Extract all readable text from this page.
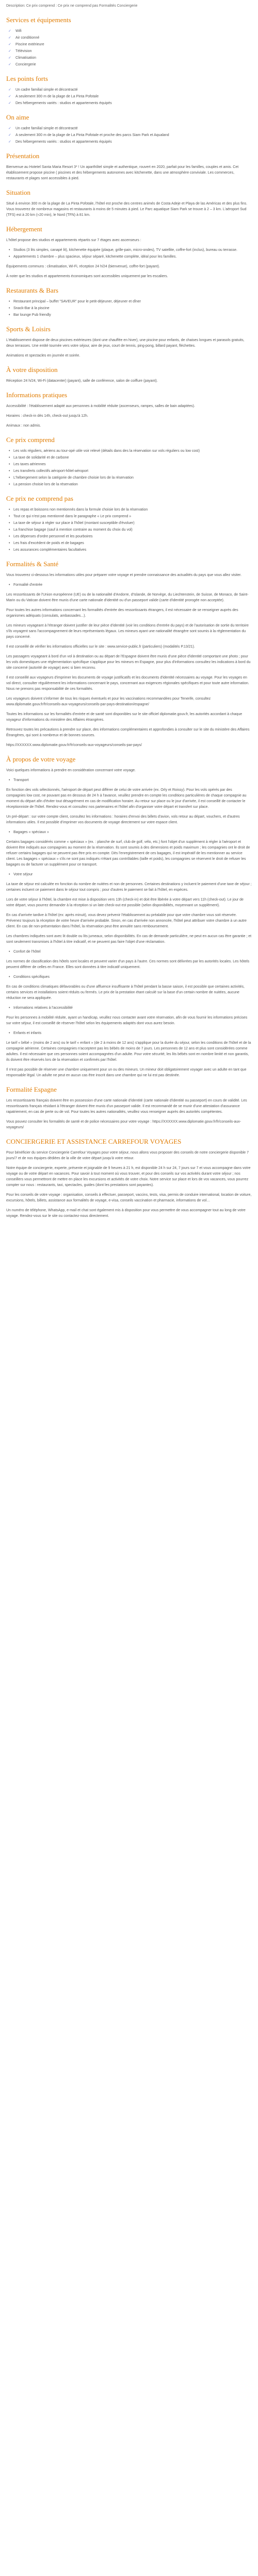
Description: Ce prix comprend : Ce prix ne comprend pas Formalités Conciergerie

Services et équipements
✓ Wifi
✓ Air conditionné
✓ Piscine extérieure
✓ Télévision
✓ Climatisation
✓ Conciergerie
Les points forts
✓ Un cadre familial simple et décontracté
✓ A seulement 300 m de la plage de La Pinta Pofotale
✓ Des hébergements variés : studios et appartements équipés
On aime
✓ Un cadre familial simple et décontracté
✓ A seulement 300 m de la plage de La Pinta Pofotale et proche des parcs Siam Park et Aqualand
✓ Des hébergements variés : studios et appartements équipés
Présentation

Bienvenue au Hotetel Santa Maria Resort 3* ! Un aparthôtel simple et authentique, rouvert en 2020, parfait pour les familles, couples et amis. Cet établissement propose piscine ( piscines et des hébergements autonomes avec kitchenette, dans une atmosphère conviviale. Les commerces, restaurants et plages sont accessibles à pied.

Situation

Situé à environ 300 m de la plage de La Pinta Pofotale, l'hôtel est proche des centres animés de Costa Adeje et Playa de las Américas et des plus fins. Vous trouverez de nombreux magasins et restaurants à moins de 5 minutes à pied. Le Parc aquatique Siam Park se trouve à 2 – 3 km. L'aéroport Sud (TFS) est à 20 km (≈20 min), le Nord (TFN) à 81 km.

Hébergement

L'hôtel propose des studios et appartements répartis sur 7 étages avec ascenseurs :

• Studios (3 lits simples, canapé lit), kitchenette équipée (plaque, grille-pain, micro-ondes), TV satellite, coffre-fort (inclus), bureau ou terrasse.
• Appartements 1 chambre – plus spacieux, séjour séparé, kitchenette complète, idéal pour les familles.

Équipements communs : climatisation, Wi-Fi, réception 24 h/24 (bienvenue), coffre-fort (payant).

À noter que les studios et appartements économiques sont accessibles uniquement par les escaliers.

Restaurants & Bars
• Restaurant principal – buffet "SAVEUR" pour le petit-déjeuner, déjeuner et dîner
• Snack-Bar à la piscine
• Bar lounge Pub friendly
Sports & Loisirs

L'établissement dispose de deux piscines extérieures (dont une chauffée en hiver), une piscine pour enfants, de chaises longues et parasols gratuits, deux terrasses. Une entité tournée vers votre séjour, aire de jeux, court de tennis, ping-pong, billard payant, fléchettes.

Animations et spectacles en journée et soirée.

À votre disposition

Réception 24 h/24, Wi-Fi (datacenter) (payant), salle de conférence, salon de coiffure (payant).

Informations pratiques

Accessibilité : l'établissement adapté aux personnes à mobilité réduite (ascenseurs, rampes, salles de bain adaptées).

Horaires : check-in dès 14h, check-out jusqu'à 12h.

Animaux : non admis.

Ce prix comprend
• Les vols réguliers, aériens au tour-opé utile voir relevé (détails dans des la réservation sur vols réguliers ou low cost)
• La taxe de solidarité et de carbone
• Les taxes aériennes
• Les transferts collectifs aéroport-hôtel-aéroport
• L'hébergement selon la catégorie de chambre choisie lors de la réservation
• La pension choisie lors de la réservation
Ce prix ne comprend pas
• Les repas et boissons non mentionnés dans la formule choisie lors de la réservation
• Tout ce qui n'est pas mentionné dans le paragraphe « Le prix comprend »
• La taxe de séjour à régler sur place à l'hôtel (montant susceptible d'évoluer)
• La franchise bagage (sauf à mention contraire au moment du choix du vol)
• Les dépenses d'ordre personnel et les pourboires
• Les frais d'excédent de poids et de bagages
• Les assurances complémentaires facultatives
Formalités & Santé

Vous trouverez ci-dessous les informations utiles pour préparer votre voyage et prendre connaissance des actualités du pays que vous allez visiter.

• Formalité d'entrée

Les ressortissants de l'Union européenne (UE) ou de la nationalité d'Andorre, d'Islande, de Norvège, du Liechtenstein, de Suisse, de Monaco, de Saint-Marin ou du Vatican doivent être munis d'une carte nationale d'identité ou d'un passeport valide (carte d'identité prorogée non acceptée).

Pour toutes les autres informations concernant les formalités d'entrée des ressortissants étrangers, il est nécessaire de se renseigner auprès des organismes adéquats (consulats, ambassades...).

Les mineurs voyageant à l'étranger doivent justifier de leur pièce d'identité (voir les conditions d'entrée du pays) et de l'autorisation de sortie du territoire s'ils voyagent sans l'accompagnement de leurs représentants légaux. Les mineurs ayant une nationalité étrangère sont soumis à la réglementation du pays concerné.

Il est conseillé de vérifier les informations officielles sur le site : www.service-public.fr (particuliers) (modalités P.13/21).

Les passagers voyageant à bord d'un vol à destination ou au départ de l'Espagne doivent être munis d'une pièce d'identité comportant une photo ; pour les vols domestiques une réglementation spécifique s'applique pour les mineurs en Espagne, pour plus d'informations consultez les indications à bord du site concerné (autorité de voyage) avec si bien reconnu.

Il est conseillé aux voyageurs d'imprimer les documents de voyage justificatifs et les documents d'identité nécessaires au voyage. Pour les voyages en vol direct, consulter régulièrement les informations concernant le pays, concernant aux exigences régionales spécifiques et pour toute autre information. Nous ne prenons pas responsabilité de ces formalités.

Les voyageurs doivent s'informer de tous les risques éventuels et pour les vaccinations recommandées pour Tenerife, consultez www.diplomatie.gouv.fr/fr/conseils-aux-voyageurs/conseils-par-pays-destination/espagne/

Toutes les informations sur les formalités d'entrée et de santé sont disponibles sur le site officiel diplomatie.gouv.fr, les autorités accordant à chaque voyageur d'informations du ministère des Affaires étrangères.

Retrouvez toutes les précautions à prendre sur place, des informations complémentaires et approfondies à consulter sur le site du ministère des Affaires Étrangères, qui sont à nombreux et de bonnes sources.

https://XXXXXX.www.diplomatie.gouv.fr/fr/conseils-aux-voyageurs/conseils-par-pays/

À propos de votre voyage

Voici quelques informations à prendre en considération concernant votre voyage.

• Transport

En fonction des vols sélectionnés, l'aéroport de départ peut différer de celui de votre arrivée (ex. Orly et Roissy). Pour les vols opérés par des compagnies low cost, ne pouvant pas en dessous de 24 h à l'avance, veuillez prendre en compte les conditions particulières de chaque compagnie au moment du départ afin d'éviter tout désagrément en cas de modification horaire. Au retour sur place ou le jour d'arrivée, il est conseillé de contacter le réceptionniste de l'hôtel. Rendez-vous et consultez nos partenaires et l'hôtel afin d'organiser votre départ et transfert sur place.

Un pré-départ : sur votre compte client, consultez les informations : horaires d'envoi des billets d'avion, vols retour au départ, vouchers, et d'autres informations utiles. Il est possible d'imprimer vos documents de voyage directement sur votre espace client.

• Bagages « spéciaux »

Certains bagages considérés comme « spéciaux » (ex. : planche de surf, club de golf, vélo, etc.) font l'objet d'un supplément à régler à l'aéroport et doivent être indiqués aux compagnies au moment de la réservation. Ils sont soumis à des dimensions et poids maximum ; les compagnies ont le droit de refuser certains bagages qui ne peuvent pas être pris en compte. Dès l'enregistrement de ces bagages, il est impératif de les mentionner au service client. Les bagages « spéciaux » s'ils ne sont pas indiqués n'étant pas contrôlables (taille et poids), les compagnies se réservent le droit de refuser les bagages ou de facturer un supplément pour ce transport.

• Votre séjour

La taxe de séjour est calculée en fonction du nombre de nuitées et non de personnes. Certaines destinations y incluent le paiement d'une taxe de séjour ; certaines incluent ce paiement dans le séjour tout compris ; pour d'autres le paiement se fait à l'hôtel, en espèces.

Lors de votre séjour à l'hôtel, la chambre est mise à disposition vers 13h (check-in) et doit être libérée à votre départ vers 11h (check-out). Le jour de votre départ, vous pourrez demander à la réception si un late check-out est possible (selon disponibilités, moyennant un supplément).

En cas d'arrivée tardive à l'hôtel (ex: après minuit), vous devez prévenir l'établissement au préalable pour que votre chambre vous soit réservée. Prévenez toujours la réception de votre heure d'arrivée probable. Sinon, en cas d'arrivée non annoncée, l'hôtel peut attribuer votre chambre à un autre client. En cas de non-présentation dans l'hôtel, la réservation peut être annulée sans remboursement.

Les chambres indiquées sont avec lit double ou lits jumeaux, selon disponibilités. En cas de demande particulière, ne peut en aucun cas être garantie ; et sont seulement transmises à l'hôtel à titre indicatif, et ne peuvent pas faire l'objet d'une réclamation.

• Confort de l'hôtel

Les normes de classification des hôtels sont locales et peuvent varier d'un pays à l'autre. Ces normes sont délivrées par les autorités locales. Les hôtels peuvent différer de celles en France. Elles sont données à titre indicatif uniquement.

• Conditions spécifiques

En cas de conditions climatiques défavorables ou d'une affluence insuffisante à l'hôtel pendant la basse saison, il est possible que certaines activités, certains services et installations soient réduits ou fermés. Le prix de la prestation étant calculé sur la base d'un certain nombre de nuitées, aucune réduction ne sera appliquée.

• Informations relatives à l'accessibilité

Pour les personnes à mobilité réduite, ayant un handicap, veuillez nous contacter avant votre réservation, afin de vous fournir les informations précises sur votre séjour, il est conseillé de réserver l'hôtel selon les équipements adaptés dont vous aurez besoin.

• Enfants et infants

Le tarif « bébé » (moins de 2 ans) ou le tarif « enfant » (de 2 à moins de 12 ans) s'applique pour la durée du séjour, selon les conditions de l'hôtel et de la compagnie aérienne. Certaines compagnies n'acceptent pas les bébés de moins de 7 jours. Les personnes de 12 ans et plus sont considérées comme adultes. Il est nécessaire que ces personnes soient accompagnées d'un adulte. Pour votre sécurité, les lits bébés sont en nombre limité et non garantis, ils doivent être réservés lors de la réservation et confirmés par l'hôtel.

Il n'est pas possible de réserver une chambre uniquement pour un ou des mineurs. Un mineur doit obligatoirement voyager avec un adulte en tant que responsable légal. Un adulte ne peut en aucun cas être inscrit dans une chambre qui ne lui est pas destinée.

Formalité Espagne

Les ressortissants français doivent être en possession d'une carte nationale d'identité (carte nationale d'identité ou passeport) en cours de validité. Les ressortissants français résidant à l'étranger doivent être munis d'un passeport valide. Il est recommandé de se munir d'une attestation d'assurance rapatriement, en cas de perte ou de vol. Pour toutes les autres nationalités, veuillez vous renseigner auprès des autorités compétentes.

Vous pouvez consulter les formalités de santé et de police nécessaires pour votre voyage : https://XXXXXX.www.diplomatie.gouv.fr/fr/conseils-aux-voyageurs/

CONCIERGERIE ET ASSISTANCE CARREFOUR VOYAGES

Pour bénéficier du service Conciergerie Carrefour Voyages pour votre séjour, nous allons vous proposer des conseils de notre conciergerie disponible 7 jours/7 et de nos équipes dédiées de la ville de votre départ jusqu'à votre retour.

Notre équipe de conciergerie, experte, présente et joignable de 9 heures à 21 h, est disponible 24 h sur 24, 7 jours sur 7 et vous accompagne dans votre voyage ou de votre départ en vacances. Pour savoir à tout moment où vous trouver, et pour des conseils sur vos activités durant votre séjour ; nos conseillers vous permettront de mettre en place les excursions et activités de votre choix. Notre service sur place et lors de vos vacances, vous pourrez compter sur nous : restaurants, taxi, spectacles, guides (dont les prestations sont payantes).

Pour les conseils de votre voyage : organisation, conseils à effectuer, passeport, vaccins, tests, visa, permis de conduire international, location de voiture, excursions, hôtels, billets, assistance aux formalités de voyage, e-visa, conseils vaccination et pharmacie, informations de vol…

Un numéro de téléphone, WhatsApp, e-mail et chat sont également mis à disposition pour vous permettre de vous accompagner tout au long de votre voyage. Rendez-vous sur le site ou contactez-nous directement.
